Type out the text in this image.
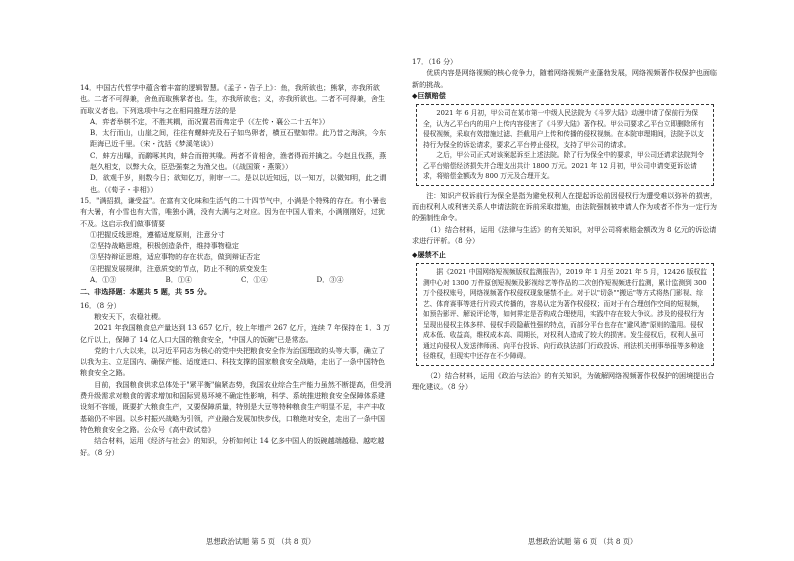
14．中国古代哲学中蕴含着丰富的逻辑智慧。《孟子・告子上》：鱼，我所欲也；熊掌，亦我所欲也。二者不可得兼，舍鱼而取熊掌者也。生，亦我所欲也；义，亦我所欲也。二者不可得兼，舍生而取义者也。下列选项中与之在相同推理方法的是

A．弈者举棋不定，不胜其耦，而况置君而弗定乎（《左传・襄公二十五年》）

B．太行而山，山崖之间，往往有螺蚌壳及石子如鸟卵者，横亘石壁如带。此乃昔之海滨，今东距海已近千里。（宋・沈括《梦溪笔谈》）

C．蚌方出曝，而鹬啄其肉，蚌合而箝其喙。两者不肯相舍，渔者得而并擒之。今赵且伐燕，燕赵久相支，以弊大众，臣恐强秦之为渔父也。（《战国策・燕策》）

D．欲观千岁，则数今日；欲知亿万，则审一二。是以以近知远，以一知万，以微知明，此之谓也。（《荀子・非相》）

15．"满招损，谦受益"。在富有文化味和生活气的二十四节气中，小满是个特殊的存在。有小暑也有大暑，有小雪也有大雪，唯独小满，没有大满与之对应。因为在中国人看来，小满刚刚好，过犹不及。这启示我们做事情要

①把握反线思维，遵循适度原则，注意分寸

②坚持战略思维，积极创造条件，维持事物稳定

③坚持辩证思维，适应事物的存在状态，做到辩证否定

④把握发展规律，注意质变的节点，防止不利的质变发生

A．①③	B．①④	C．①④	D．③④

二、非选择题：本题共 5 题，共 55 分。

16．（8 分）

粮安天下，农稳社稷。

2021 年我国粮食总产量达到 13 657 亿斤，较上年增产 267 亿斤，连续 7 年保持在 1．3 万亿斤以上，保障了 14 亿人口大国的粮食安全，"中国人的饭碗"已是常态。

党的十八大以来，以习近平同志为核心的党中央把粮食安全作为治国理政的头等大事，确立了以我为主、立足国内、确保产能、适度进口、科技支撑的国家粮食安全战略，走出了一条中国特色粮食安全之路。

目前，我国粮食供求总体处于"紧平衡"偏紧态势，我国农业综合生产能力虽然不断提高，但受消费升级需求对粮食的需求增加和国际贸易环境不确定性影响，科学、系统推进粮食安全保障体系建设刻不容缓，既要扩大粮食生产，又要保障质量，特别是大豆等特种粮食生产明显不足，丰产丰收基础仍不牢固。以乡村振兴战略为引领，产业融合发展加快步伐，口粮绝对安全，走出了一条中国特色粮食安全之路。公众号《高中政试卷》

结合材料，运用《经济与社会》的知识，分析如何让 14 亿多中国人的饭碗越端越稳、越吃越好。（8 分）

17．（16 分）

优质内容是网络视频的核心竞争力，随着网络视频产业蓬勃发展，网络视频著作权保护也面临新的挑战。

◆巨额赔偿

2021 年 6 月初，甲公司在某市第一中级人民法院为《斗罗大陆》动漫申请了保前行为保全，认为乙平台内的用户上传内容侵害了《斗罗大陆》著作权。甲公司要求乙平台立即删除所有侵权视频，采取有效措施过滤、拦截用户上传和传播的侵权视频。在本院审理期间，法院予以支持行为保全的诉讼请求，要求乙平台停止侵权，支持了甲公司的请求。

之后，甲公司正式对该案起诉至上述法院。除了行为保全中的要求，甲公司还请求法院判令乙平台赔偿经济损失并合理支出共计 1800 万元。2021 年 12 月初，甲公司申请变更诉讼请求，将赔偿金额改为 800 万元及合理开支。

注：知识产权诉前行为保全是指为避免权利人在提起诉讼前因侵权行为遭受难以弥补的损害，而由权利人或利害关系人申请法院在诉前采取措施，由法院强制被申请人作为或者不作为一定行为的强制性命令。

（1）结合材料，运用《法律与生活》的有关知识，对甲公司将索赔金额改为 8 亿元的诉讼请求进行评析。（8 分）

◆屡禁不止

据《2021 中国网络短视频版权监测报告》，2019 年 1 月至 2021 年 5 月，12426 版权监测中心对 1300 万件原创短视频及影视综艺等作品的二次创作短视频进行监测，累计监测到 300 万个侵权账号，网络视频著作权侵权现象屡禁不止。对于以"切条""搬运"等方式将热门影视、综艺、体育赛事等进行片段式传播的，容易认定为著作权侵权；而对于有合理创作空间的短视频，如预告影评、解说评论等，如何界定是否构成合理使用，实践中存在较大争议。涉及的侵权行为呈现出侵权主体多样、侵权手段隐蔽性强的特点，而部分平台也存在"避风港"原则的滥用。侵权成本低、收益高，维权成本高、周期长，对权利人造成了较大的损害。发生侵权后，权利人虽可通过向侵权人发送律师函、向平台投诉、向行政执法部门行政投诉、刑法机关刑事举报等多种途径维权，但现实中还存在不少障碍。

（2）结合材料，运用《政治与法治》的有关知识，为破解网络视频著作权保护的困境提出合理化建议。（8 分）

思想政治试题 第 5 页 （共 8 页）	思想政治试题 第 6 页 （共 8 页）
